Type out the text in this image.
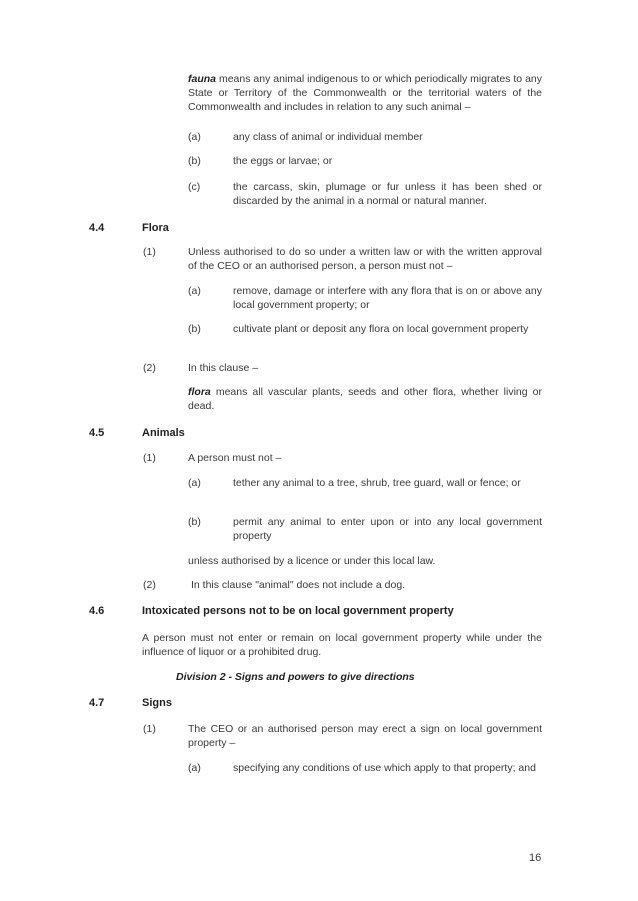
fauna means any animal indigenous to or which periodically migrates to any State or Territory of the Commonwealth or the territorial waters of the Commonwealth and includes in relation to any such animal –
(a)	any class of animal or individual member
(b)	the eggs or larvae; or
(c)	the carcass, skin, plumage or fur unless it has been shed or discarded by the animal in a normal or natural manner.
4.4	Flora
(1)	Unless authorised to do so under a written law or with the written approval of the CEO or an authorised person, a person must not –
(a)	remove, damage or interfere with any flora that is on or above any local government property; or
(b)	cultivate plant or deposit any flora on local government property
(2)	In this clause –
flora means all vascular plants, seeds and other flora, whether living or dead.
4.5	Animals
(1)	A person must not –
(a)	tether any animal to a tree, shrub, tree guard, wall or fence; or
(b)	permit any animal to enter upon or into any local government property
unless authorised by a licence or under this local law.
(2)	In this clause "animal" does not include a dog.
4.6	Intoxicated persons not to be on local government property
A person must not enter or remain on local government property while under the influence of liquor or a prohibited drug.
Division 2 - Signs and powers to give directions
4.7	Signs
(1)	The CEO or an authorised person may erect a sign on local government property –
(a)	specifying any conditions of use which apply to that property; and
16
